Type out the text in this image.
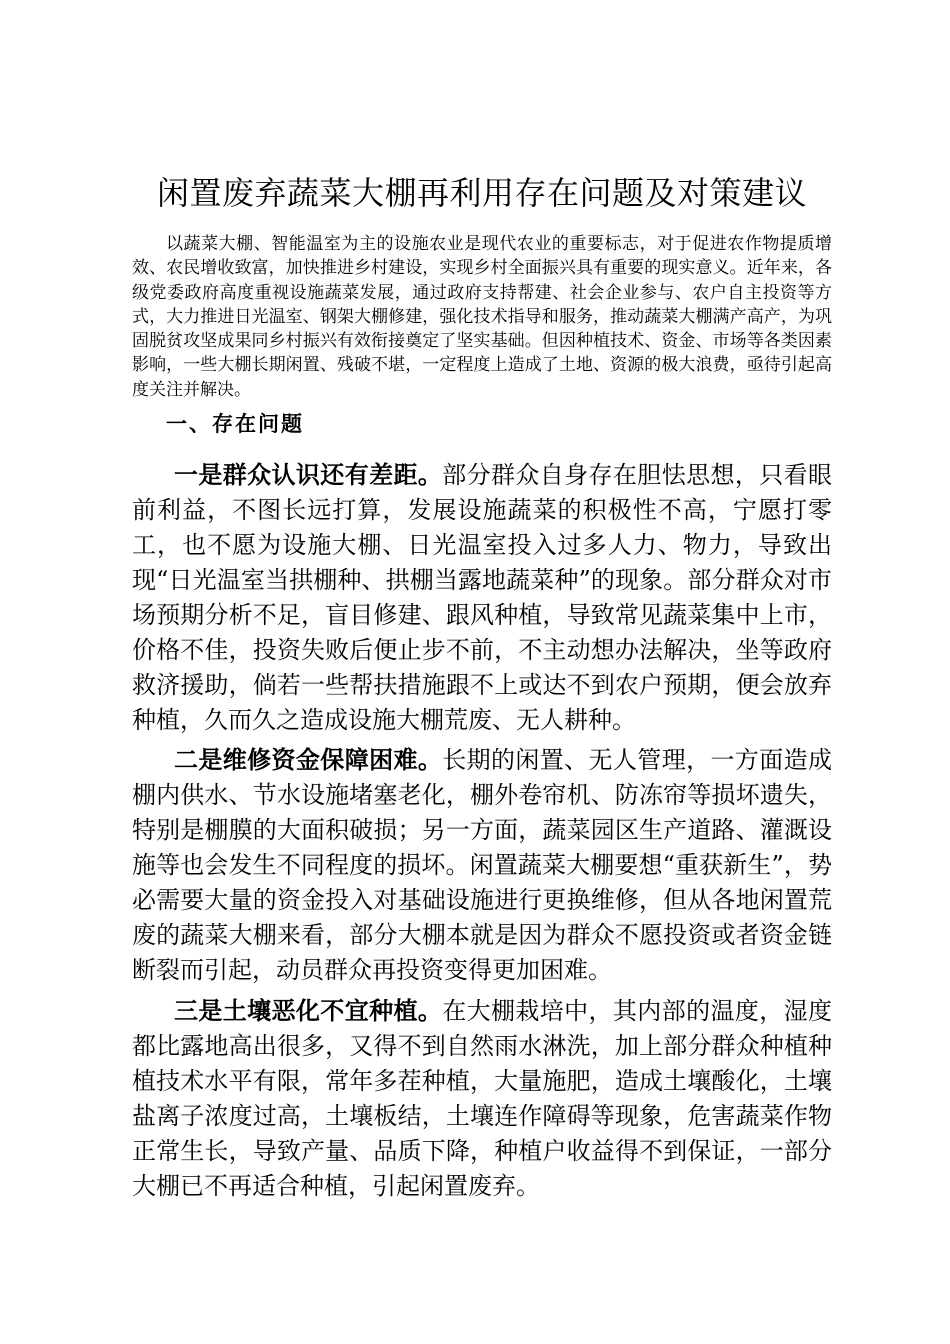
闲置废弃蔬菜大棚再利用存在问题及对策建议

以蔬菜大棚、智能温室为主的设施农业是现代农业的重要标志，对于促进农作物提质增效、农民增收致富，加快推进乡村建设，实现乡村全面振兴具有重要的现实意义。近年来，各级党委政府高度重视设施蔬菜发展，通过政府支持帮建、社会企业参与、农户自主投资等方式，大力推进日光温室、钢架大棚修建，强化技术指导和服务，推动蔬菜大棚满产高产，为巩固脱贫攻坚成果同乡村振兴有效衔接奠定了坚实基础。但因种植技术、资金、市场等各类因素影响，一些大棚长期闲置、残破不堪，一定程度上造成了土地、资源的极大浪费，亟待引起高度关注并解决。

一、存在问题

一是群众认识还有差距。部分群众自身存在胆怯思想，只看眼前利益，不图长远打算，发展设施蔬菜的积极性不高，宁愿打零工，也不愿为设施大棚、日光温室投入过多人力、物力，导致出现“日光温室当拱棚种、拱棚当露地蔬菜种”的现象。部分群众对市场预期分析不足，盲目修建、跟风种植，导致常见蔬菜集中上市，价格不佳，投资失败后便止步不前，不主动想办法解决，坐等政府救济援助，倘若一些帮扶措施跟不上或达不到农户预期，便会放弃种植，久而久之造成设施大棚荒废、无人耕种。

二是维修资金保障困难。长期的闲置、无人管理，一方面造成棚内供水、节水设施堵塞老化，棚外卷帘机、防冻帘等损坏遗失，特别是棚膜的大面积破损；另一方面，蔬菜园区生产道路、灌溉设施等也会发生不同程度的损坏。闲置蔬菜大棚要想“重获新生”，势必需要大量的资金投入对基础设施进行更换维修，但从各地闲置荒废的蔬菜大棚来看，部分大棚本就是因为群众不愿投资或者资金链断裂而引起，动员群众再投资变得更加困难。

三是土壤恶化不宜种植。在大棚栽培中，其内部的温度，湿度都比露地高出很多，又得不到自然雨水淋洗，加上部分群众种植种植技术水平有限，常年多茬种植，大量施肥，造成土壤酸化，土壤盐离子浓度过高，土壤板结，土壤连作障碍等现象，危害蔬菜作物正常生长，导致产量、品质下降，种植户收益得不到保证，一部分大棚已不再适合种植，引起闲置废弃。
